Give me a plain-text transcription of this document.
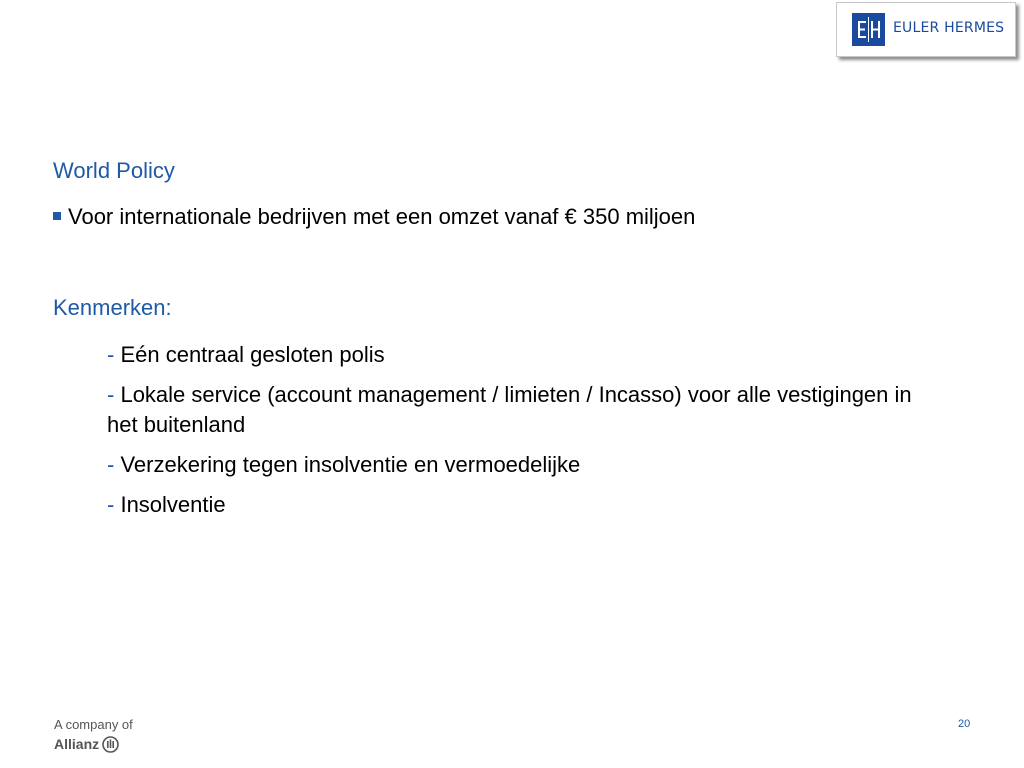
EULER HERMES
World Policy
Voor internationale bedrijven met een omzet vanaf € 350 miljoen
Kenmerken:
- Eén centraal gesloten polis
- Lokale service (account management / limieten / Incasso) voor alle vestigingen in het buitenland
- Verzekering tegen insolventie en vermoedelijke
- Insolventie
A company of
Allianz
20
